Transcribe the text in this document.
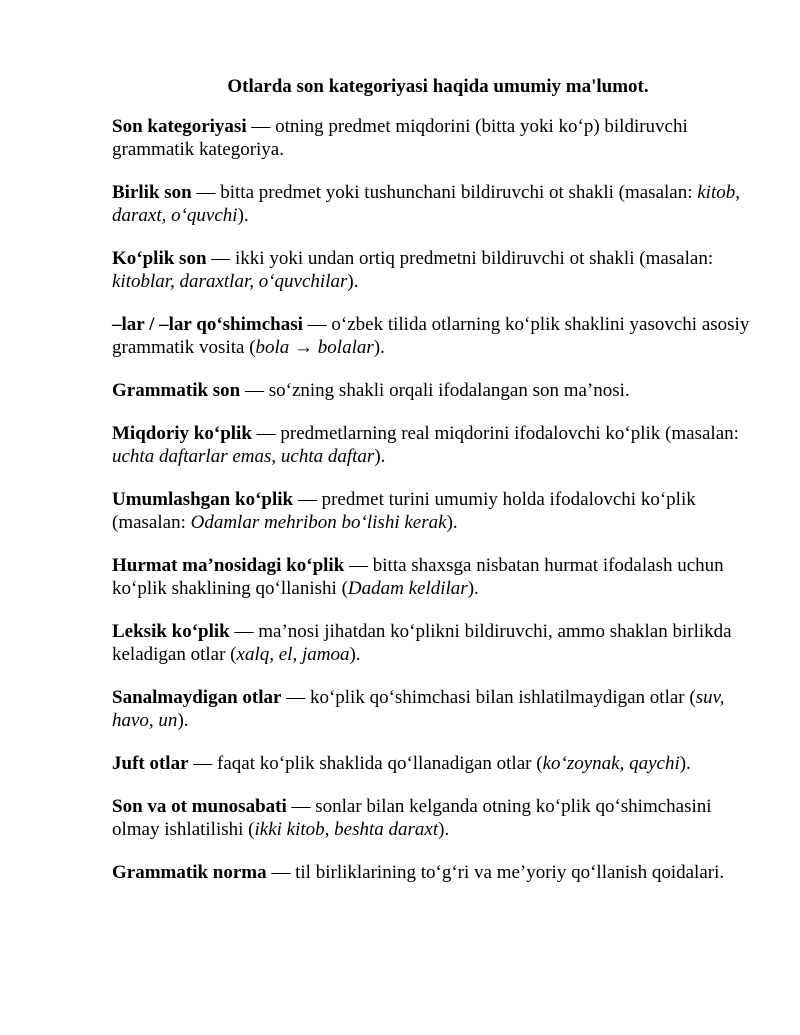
Otlarda son kategoriyasi haqida umumiy ma'lumot.

Son kategoriyasi — otning predmet miqdorini (bitta yoki ko‘p) bildiruvchi grammatik kategoriya.

Birlik son — bitta predmet yoki tushunchani bildiruvchi ot shakli (masalan: kitob, daraxt, o‘quvchi).

Ko‘plik son — ikki yoki undan ortiq predmetni bildiruvchi ot shakli (masalan: kitoblar, daraxtlar, o‘quvchilar).

–lar / –lar qo‘shimchasi — o‘zbek tilida otlarning ko‘plik shaklini yasovchi asosiy grammatik vosita (bola → bolalar).

Grammatik son — so‘zning shakli orqali ifodalangan son ma’nosi.

Miqdoriy ko‘plik — predmetlarning real miqdorini ifodalovchi ko‘plik (masalan: uchta daftarlar emas, uchta daftar).

Umumlashgan ko‘plik — predmet turini umumiy holda ifodalovchi ko‘plik (masalan: Odamlar mehribon bo‘lishi kerak).

Hurmat ma’nosidagi ko‘plik — bitta shaxsga nisbatan hurmat ifodalash uchun ko‘plik shaklining qo‘llanishi (Dadam keldilar).

Leksik ko‘plik — ma’nosi jihatdan ko‘plikni bildiruvchi, ammo shaklan birlikda keladigan otlar (xalq, el, jamoa).

Sanalmaydigan otlar — ko‘plik qo‘shimchasi bilan ishlatilmaydigan otlar (suv, havo, un).

Juft otlar — faqat ko‘plik shaklida qo‘llanadigan otlar (ko‘zoynak, qaychi).

Son va ot munosabati — sonlar bilan kelganda otning ko‘plik qo‘shimchasini olmay ishlatilishi (ikki kitob, beshta daraxt).

Grammatik norma — til birliklarining to‘g‘ri va me’yoriy qo‘llanish qoidalari.
